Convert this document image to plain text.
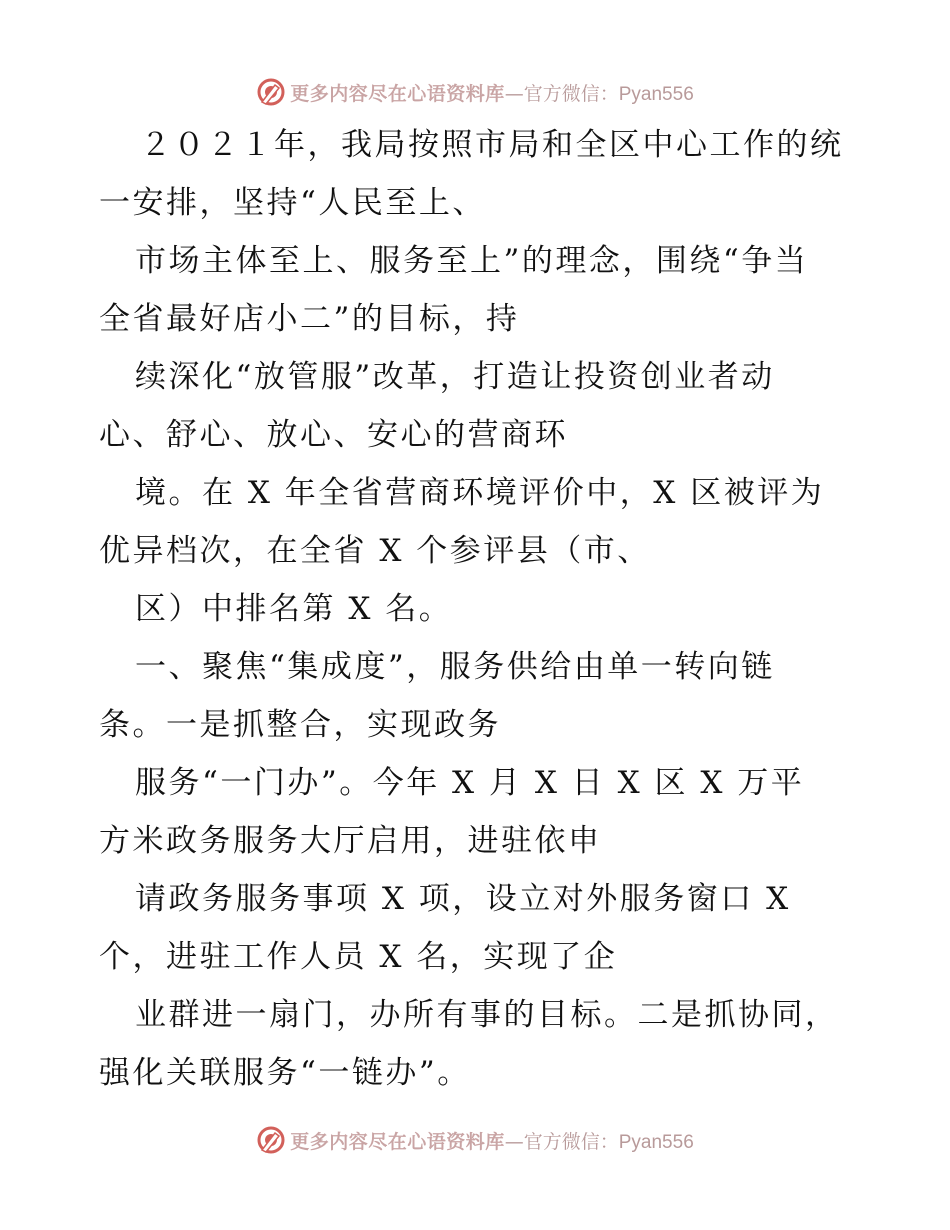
更多内容尽在心语资料库 —官方微信： Pyan556
２０２１年，我局按照市局和全区中心工作的统
一安排，坚持“人民至上、
市场主体至上、服务至上”的理念，围绕“争当
全省最好店小二”的目标，持
续深化“放管服”改革，打造让投资创业者动
心、舒心、放心、安心的营商环
境。在 X 年全省营商环境评价中，X 区被评为
优异档次，在全省 X 个参评县（市、
区）中排名第 X 名。
一、聚焦“集成度”，服务供给由单一转向链
条。一是抓整合，实现政务
服务“一门办”。今年 X 月 X 日 X 区 X 万平
方米政务服务大厅启用，进驻依申
请政务服务事项 X 项，设立对外服务窗口 X
个，进驻工作人员 X 名，实现了企
业群进一扇门，办所有事的目标。二是抓协同，
强化关联服务“一链办”。
更多内容尽在心语资料库 —官方微信： Pyan556
